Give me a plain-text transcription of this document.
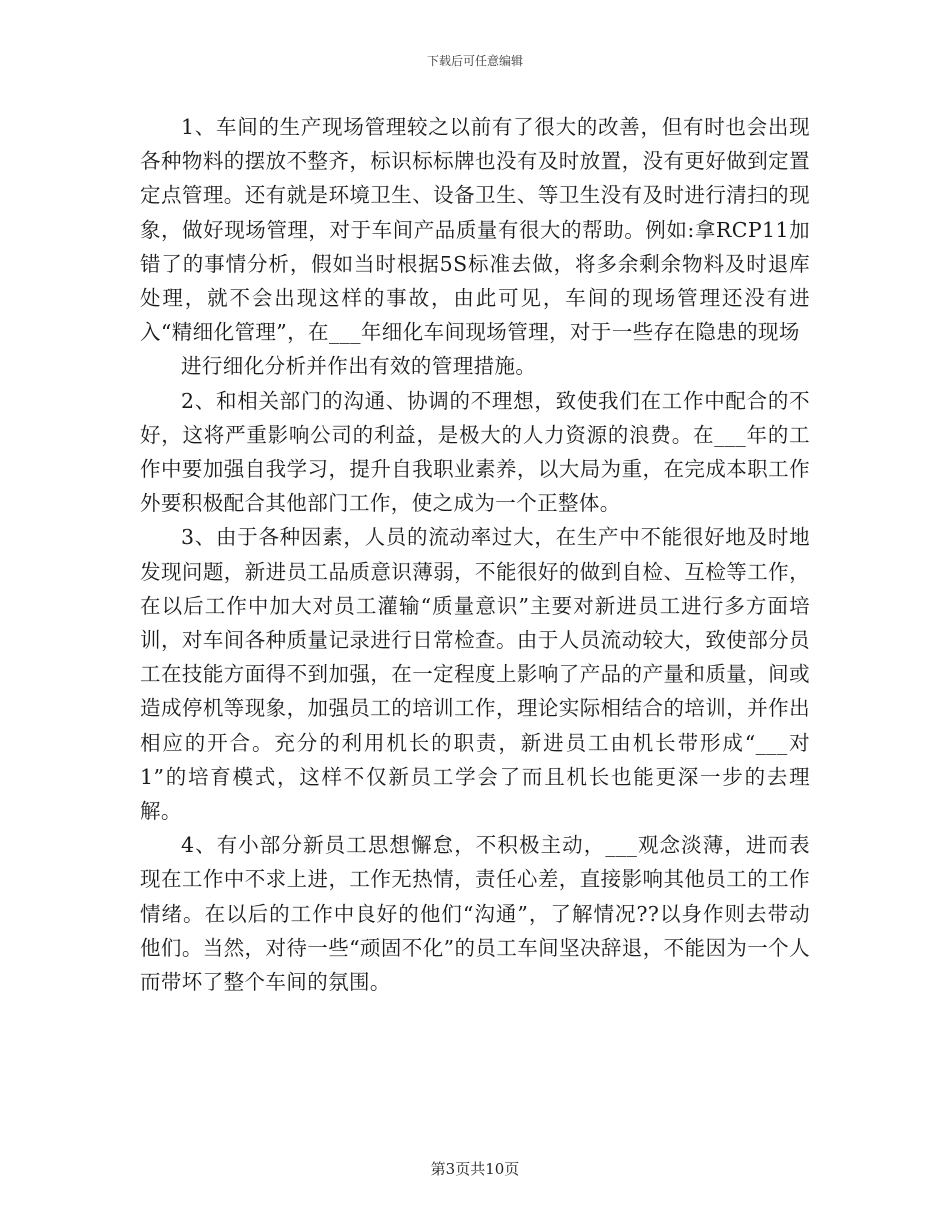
下载后可任意编辑

1、车间的生产现场管理较之以前有了很大的改善，但有时也会出现各种物料的摆放不整齐，标识标标牌也没有及时放置，没有更好做到定置定点管理。还有就是环境卫生、设备卫生、等卫生没有及时进行清扫的现象，做好现场管理，对于车间产品质量有很大的帮助。例如:拿RCP11加错了的事情分析，假如当时根据5S标准去做，将多余剩余物料及时退库处理，就不会出现这样的事故，由此可见，车间的现场管理还没有进入“精细化管理”，在___年细化车间现场管理，对于一些存在隐患的现场

进行细化分析并作出有效的管理措施。

2、和相关部门的沟通、协调的不理想，致使我们在工作中配合的不好，这将严重影响公司的利益，是极大的人力资源的浪费。在___年的工作中要加强自我学习，提升自我职业素养，以大局为重，在完成本职工作外要积极配合其他部门工作，使之成为一个正整体。

3、由于各种因素，人员的流动率过大，在生产中不能很好地及时地发现问题，新进员工品质意识薄弱，不能很好的做到自检、互检等工作，在以后工作中加大对员工灌输“质量意识”主要对新进员工进行多方面培训，对车间各种质量记录进行日常检查。由于人员流动较大，致使部分员工在技能方面得不到加强，在一定程度上影响了产品的产量和质量，间或造成停机等现象，加强员工的培训工作，理论实际相结合的培训，并作出相应的开合。充分的利用机长的职责，新进员工由机长带形成“___对1”的培育模式，这样不仅新员工学会了而且机长也能更深一步的去理解。

4、有小部分新员工思想懈怠，不积极主动，___观念淡薄，进而表现在工作中不求上进，工作无热情，责任心差，直接影响其他员工的工作情绪。在以后的工作中良好的他们“沟通”，了解情况??以身作则去带动他们。当然，对待一些“顽固不化”的员工车间坚决辞退，不能因为一个人而带坏了整个车间的氛围。

第3页共10页
